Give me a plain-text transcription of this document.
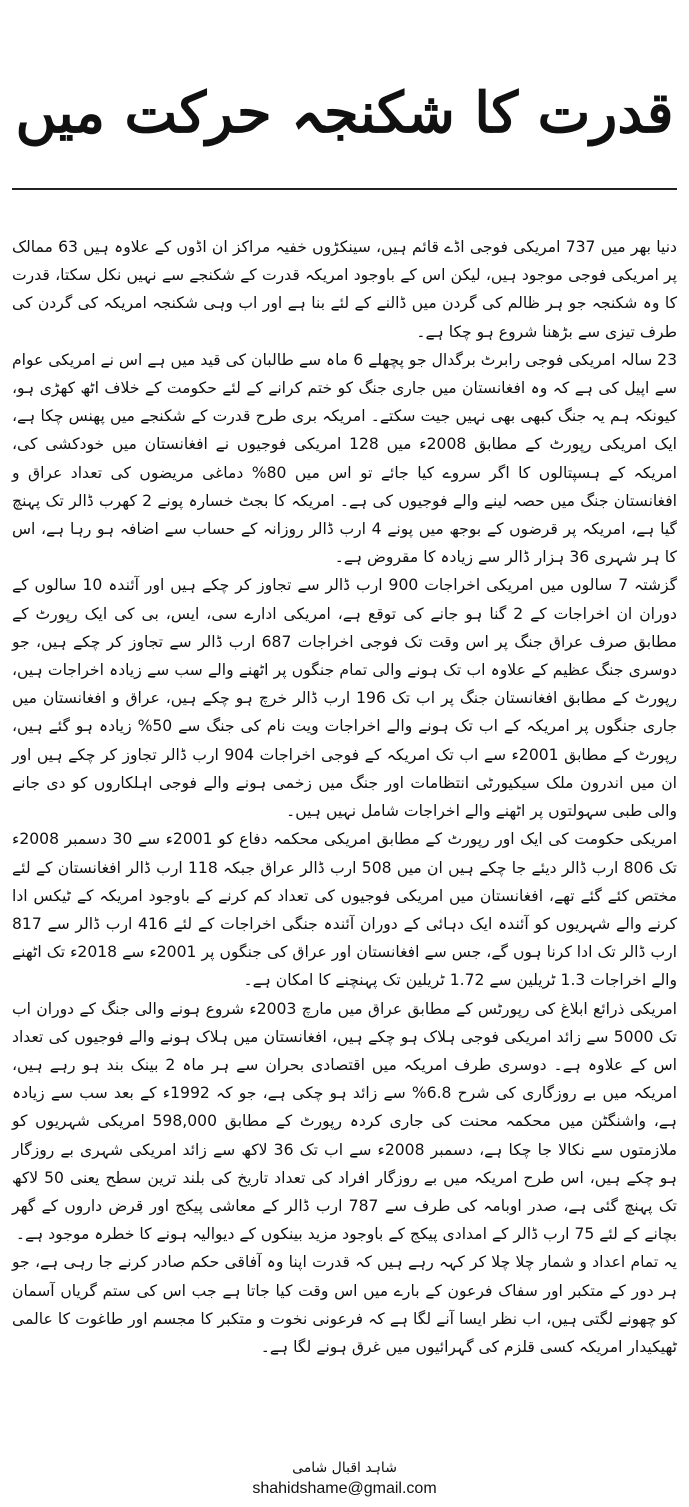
قدرت کا شکنجہ حرکت میں

دنیا بھر میں 737 امریکی فوجی اڈے قائم ہیں، سینکڑوں خفیہ مراکز ان اڈوں کے علاوہ ہیں 63 ممالک پر امریکی فوجی موجود ہیں، لیکن اس کے باوجود امریکہ قدرت کے شکنجے سے نہیں نکل سکتا، قدرت کا وہ شکنجہ جو ہر ظالم کی گردن میں ڈالنے کے لئے بنا ہے اور اب وہی شکنجہ امریکہ کی گردن کی طرف تیزی سے بڑھنا شروع ہو چکا ہے۔

23 سالہ امریکی فوجی رابرٹ برگدال جو پچھلے 6 ماہ سے طالبان کی قید میں ہے اس نے امریکی عوام سے اپیل کی ہے کہ وہ افغانستان میں جاری جنگ کو ختم کرانے کے لئے حکومت کے خلاف اٹھ کھڑی ہو، کیونکہ ہم یہ جنگ کبھی بھی نہیں جیت سکتے۔ امریکہ بری طرح قدرت کے شکنجے میں پھنس چکا ہے، ایک امریکی رپورٹ کے مطابق 2008ء میں 128 امریکی فوجیوں نے افغانستان میں خودکشی کی، امریکہ کے ہسپتالوں کا اگر سروے کیا جائے تو اس میں 80% دماغی مریضوں کی تعداد عراق و افغانستان جنگ میں حصہ لینے والے فوجیوں کی ہے۔ امریکہ کا بجٹ خسارہ پونے 2 کھرب ڈالر تک پہنچ گیا ہے، امریکہ پر قرضوں کے بوجھ میں پونے 4 ارب ڈالر روزانہ کے حساب سے اضافہ ہو رہا ہے، اس کا ہر شہری 36 ہزار ڈالر سے زیادہ کا مقروض ہے۔

گزشتہ 7 سالوں میں امریکی اخراجات 900 ارب ڈالر سے تجاوز کر چکے ہیں اور آئندہ 10 سالوں کے دوران ان اخراجات کے 2 گنا ہو جانے کی توقع ہے، امریکی ادارے سی، ایس، بی کی ایک رپورٹ کے مطابق صرف عراق جنگ پر اس وقت تک فوجی اخراجات 687 ارب ڈالر سے تجاوز کر چکے ہیں، جو دوسری جنگ عظیم کے علاوہ اب تک ہونے والی تمام جنگوں پر اٹھنے والے سب سے زیادہ اخراجات ہیں، رپورٹ کے مطابق افغانستان جنگ پر اب تک 196 ارب ڈالر خرچ ہو چکے ہیں، عراق و افغانستان میں جاری جنگوں پر امریکہ کے اب تک ہونے والے اخراجات ویت نام کی جنگ سے 50% زیادہ ہو گئے ہیں، رپورٹ کے مطابق 2001ء سے اب تک امریکہ کے فوجی اخراجات 904 ارب ڈالر تجاوز کر چکے ہیں اور ان میں اندرون ملک سیکیورٹی انتظامات اور جنگ میں زخمی ہونے والے فوجی اہلکاروں کو دی جانے والی طبی سہولتوں پر اٹھنے والے اخراجات شامل نہیں ہیں۔

امریکی حکومت کی ایک اور رپورٹ کے مطابق امریکی محکمہ دفاع کو 2001ء سے 30 دسمبر 2008ء تک 806 ارب ڈالر دیئے جا چکے ہیں ان میں 508 ارب ڈالر عراق جبکہ 118 ارب ڈالر افغانستان کے لئے مختص کئے گئے تھے، افغانستان میں امریکی فوجیوں کی تعداد کم کرنے کے باوجود امریکہ کے ٹیکس ادا کرنے والے شہریوں کو آئندہ ایک دہائی کے دوران آئندہ جنگی اخراجات کے لئے 416 ارب ڈالر سے 817 ارب ڈالر تک ادا کرنا ہوں گے، جس سے افغانستان اور عراق کی جنگوں پر 2001ء سے 2018ء تک اٹھنے والے اخراجات 1.3 ٹریلین سے 1.72 ٹریلین تک پہنچنے کا امکان ہے۔

امریکی ذرائع ابلاغ کی رپورٹس کے مطابق عراق میں مارچ 2003ء شروع ہونے والی جنگ کے دوران اب تک 5000 سے زائد امریکی فوجی ہلاک ہو چکے ہیں، افغانستان میں ہلاک ہونے والے فوجیوں کی تعداد اس کے علاوہ ہے۔ دوسری طرف امریکہ میں اقتصادی بحران سے ہر ماہ 2 بینک بند ہو رہے ہیں، امریکہ میں بے روزگاری کی شرح 6.8% سے زائد ہو چکی ہے، جو کہ 1992ء کے بعد سب سے زیادہ ہے، واشنگٹن میں محکمہ محنت کی جاری کردہ رپورٹ کے مطابق 598,000 امریکی شہریوں کو ملازمتوں سے نکالا جا چکا ہے، دسمبر 2008ء سے اب تک 36 لاکھ سے زائد امریکی شہری بے روزگار ہو چکے ہیں، اس طرح امریکہ میں بے روزگار افراد کی تعداد تاریخ کی بلند ترین سطح یعنی 50 لاکھ تک پہنچ گئی ہے، صدر اوبامہ کی طرف سے 787 ارب ڈالر کے معاشی پیکج اور قرض داروں کے گھر بچانے کے لئے 75 ارب ڈالر کے امدادی پیکج کے باوجود مزید بینکوں کے دیوالیہ ہونے کا خطرہ موجود ہے۔

یہ تمام اعداد و شمار چلا چلا کر کہہ رہے ہیں کہ قدرت اپنا وہ آفاقی حکم صادر کرنے جا رہی ہے، جو ہر دور کے متکبر اور سفاک فرعون کے بارے میں اس وقت کیا جاتا ہے جب اس کی ستم گریاں آسمان کو چھونے لگتی ہیں، اب نظر ایسا آنے لگا ہے کہ فرعونی نخوت و متکبر کا مجسم اور طاغوت کا عالمی ٹھیکیدار امریکہ کسی قلزم کی گہرائیوں میں غرق ہونے لگا ہے۔

شاہد اقبال شامی
shahidshame@gmail.com
